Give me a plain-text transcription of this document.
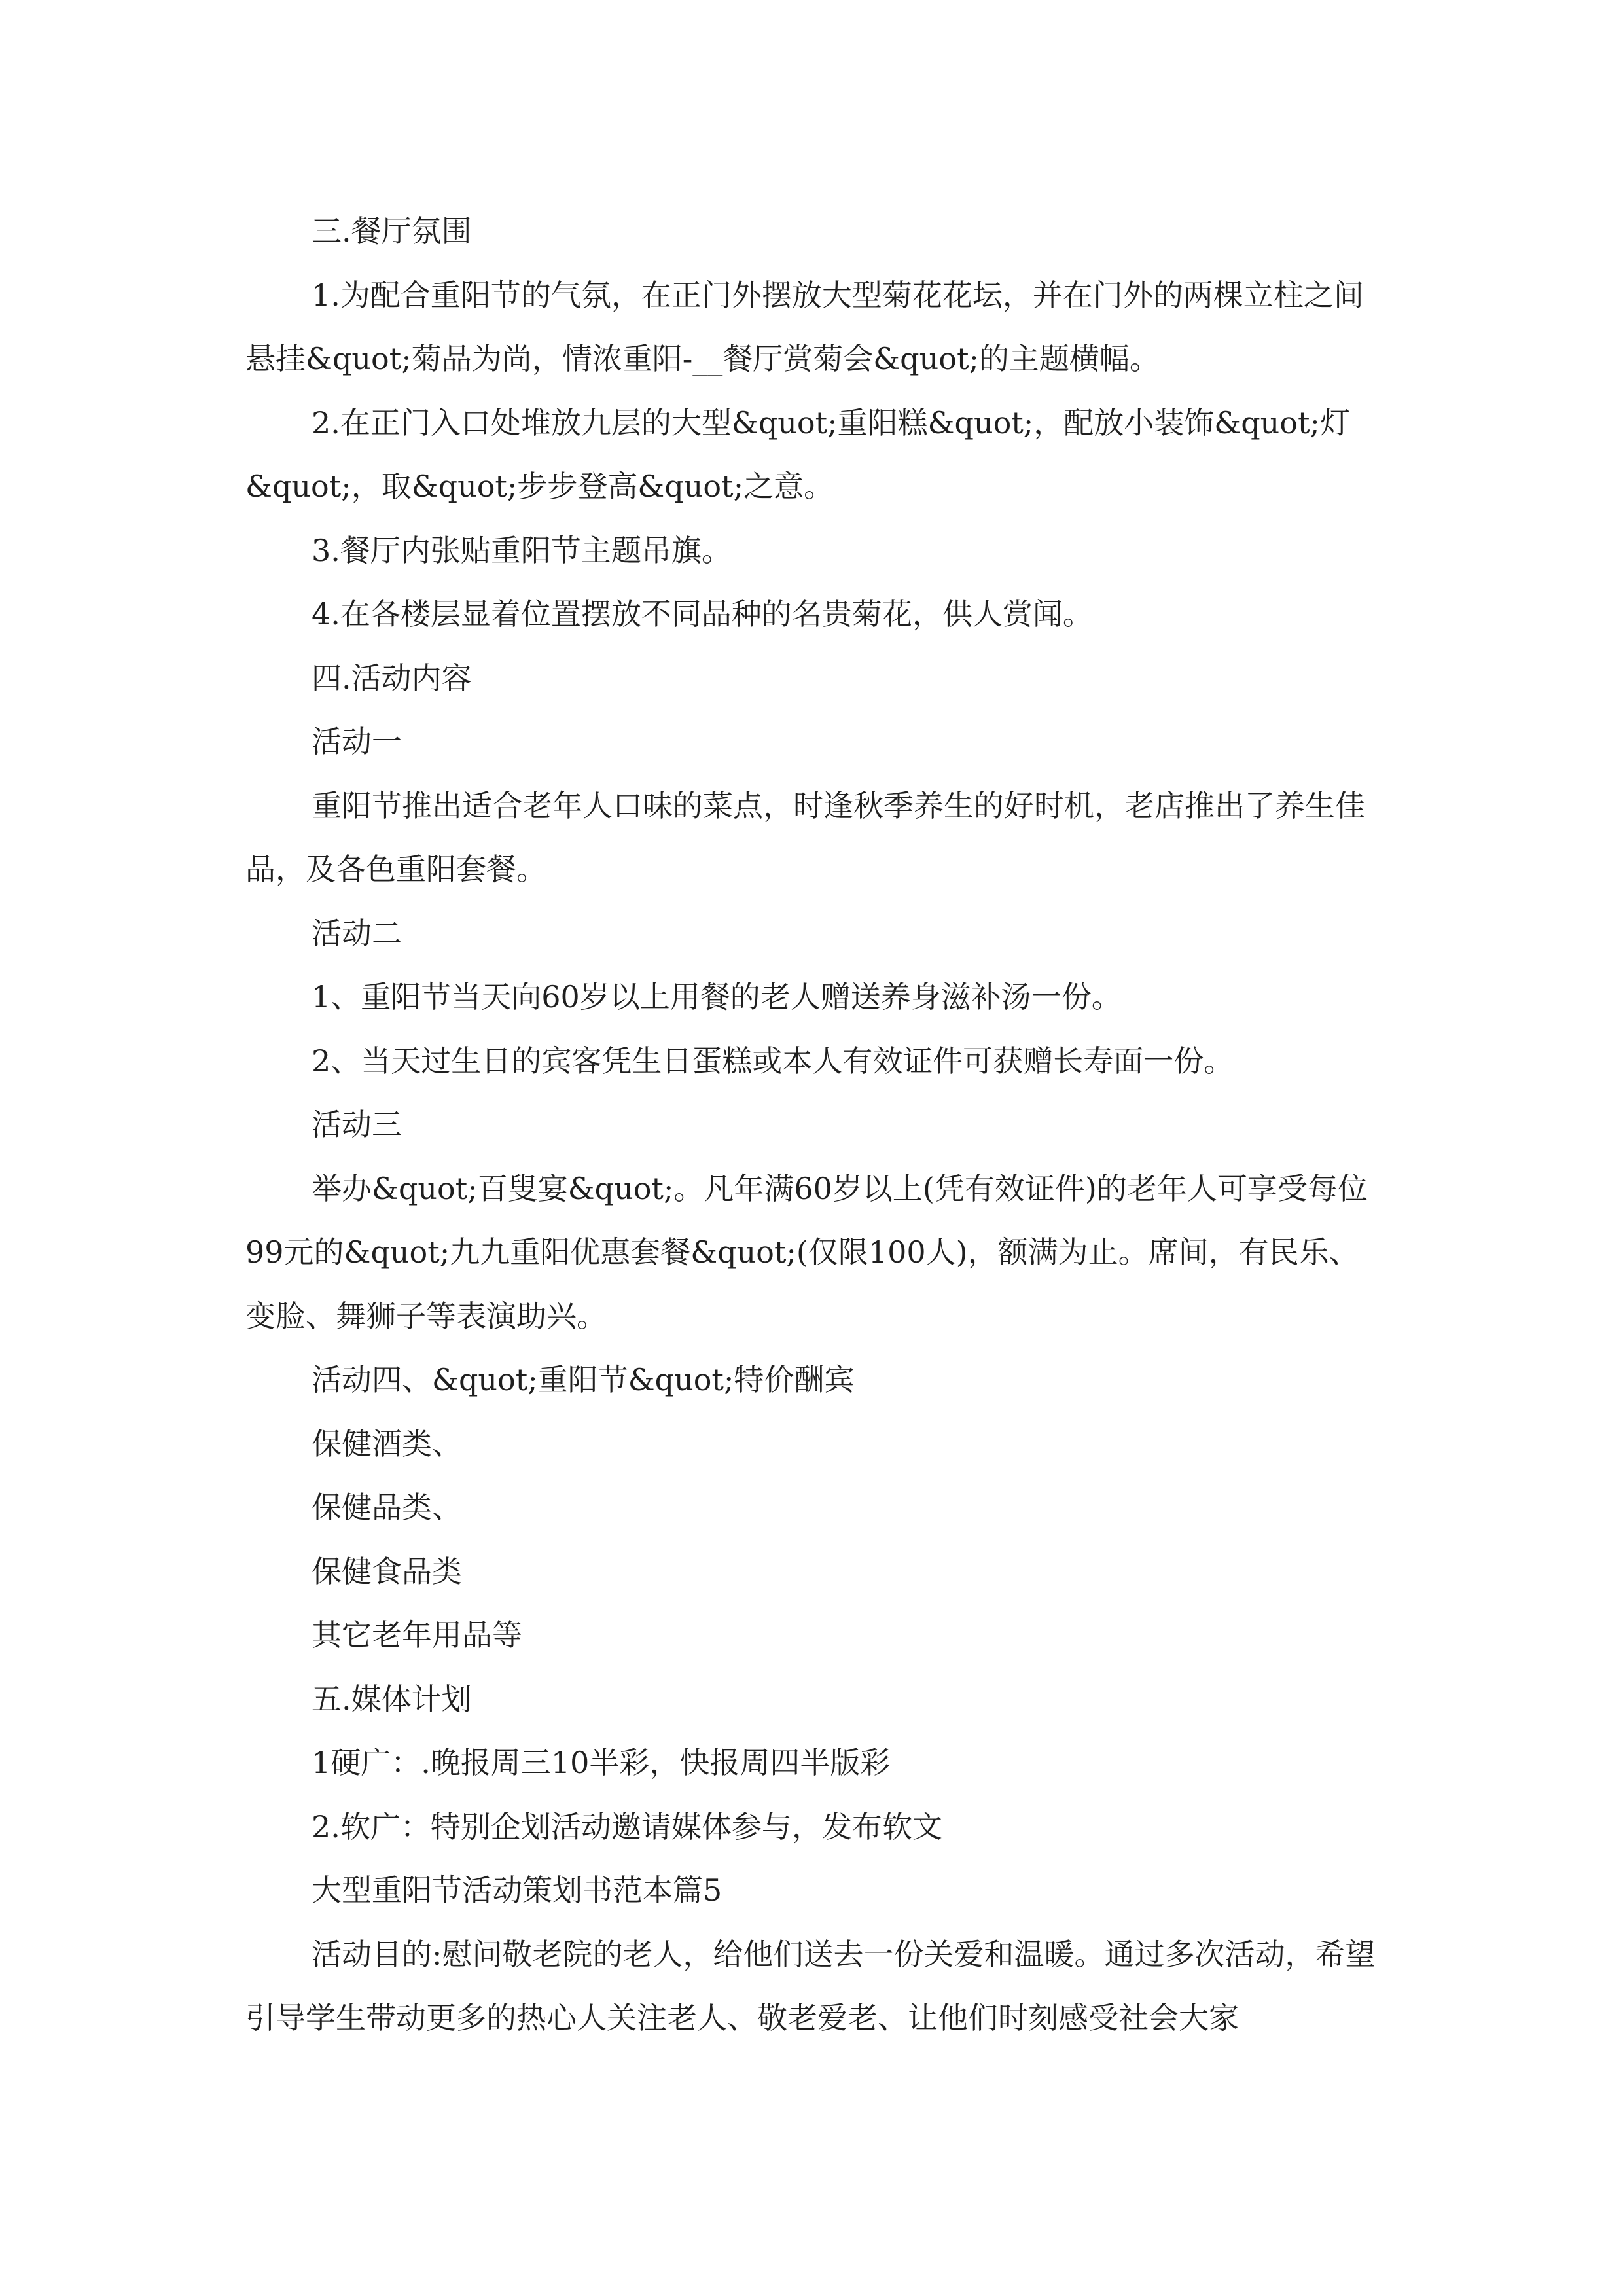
三.餐厅氛围

1.为配合重阳节的气氛，在正门外摆放大型菊花花坛，并在门外的两棵立柱之间悬挂&quot;菊品为尚，情浓重阳-__餐厅赏菊会&quot;的主题横幅。

2.在正门入口处堆放九层的大型&quot;重阳糕&quot;，配放小装饰&quot;灯&quot;，取&quot;步步登高&quot;之意。

3.餐厅内张贴重阳节主题吊旗。

4.在各楼层显着位置摆放不同品种的名贵菊花，供人赏闻。

四.活动内容

活动一

重阳节推出适合老年人口味的菜点，时逢秋季养生的好时机，老店推出了养生佳品，及各色重阳套餐。

活动二

1、重阳节当天向60岁以上用餐的老人赠送养身滋补汤一份。

2、当天过生日的宾客凭生日蛋糕或本人有效证件可获赠长寿面一份。

活动三

举办&quot;百叟宴&quot;。凡年满60岁以上(凭有效证件)的老年人可享受每位99元的&quot;九九重阳优惠套餐&quot;(仅限100人)，额满为止。席间，有民乐、变脸、舞狮子等表演助兴。

活动四、&quot;重阳节&quot;特价酬宾

保健酒类、

保健品类、

保健食品类

其它老年用品等

五.媒体计划

1硬广：.晚报周三10半彩，快报周四半版彩

2.软广：特别企划活动邀请媒体参与，发布软文

大型重阳节活动策划书范本篇5

活动目的:慰问敬老院的老人，给他们送去一份关爱和温暖。通过多次活动，希望引导学生带动更多的热心人关注老人、敬老爱老、让他们时刻感受社会大家
